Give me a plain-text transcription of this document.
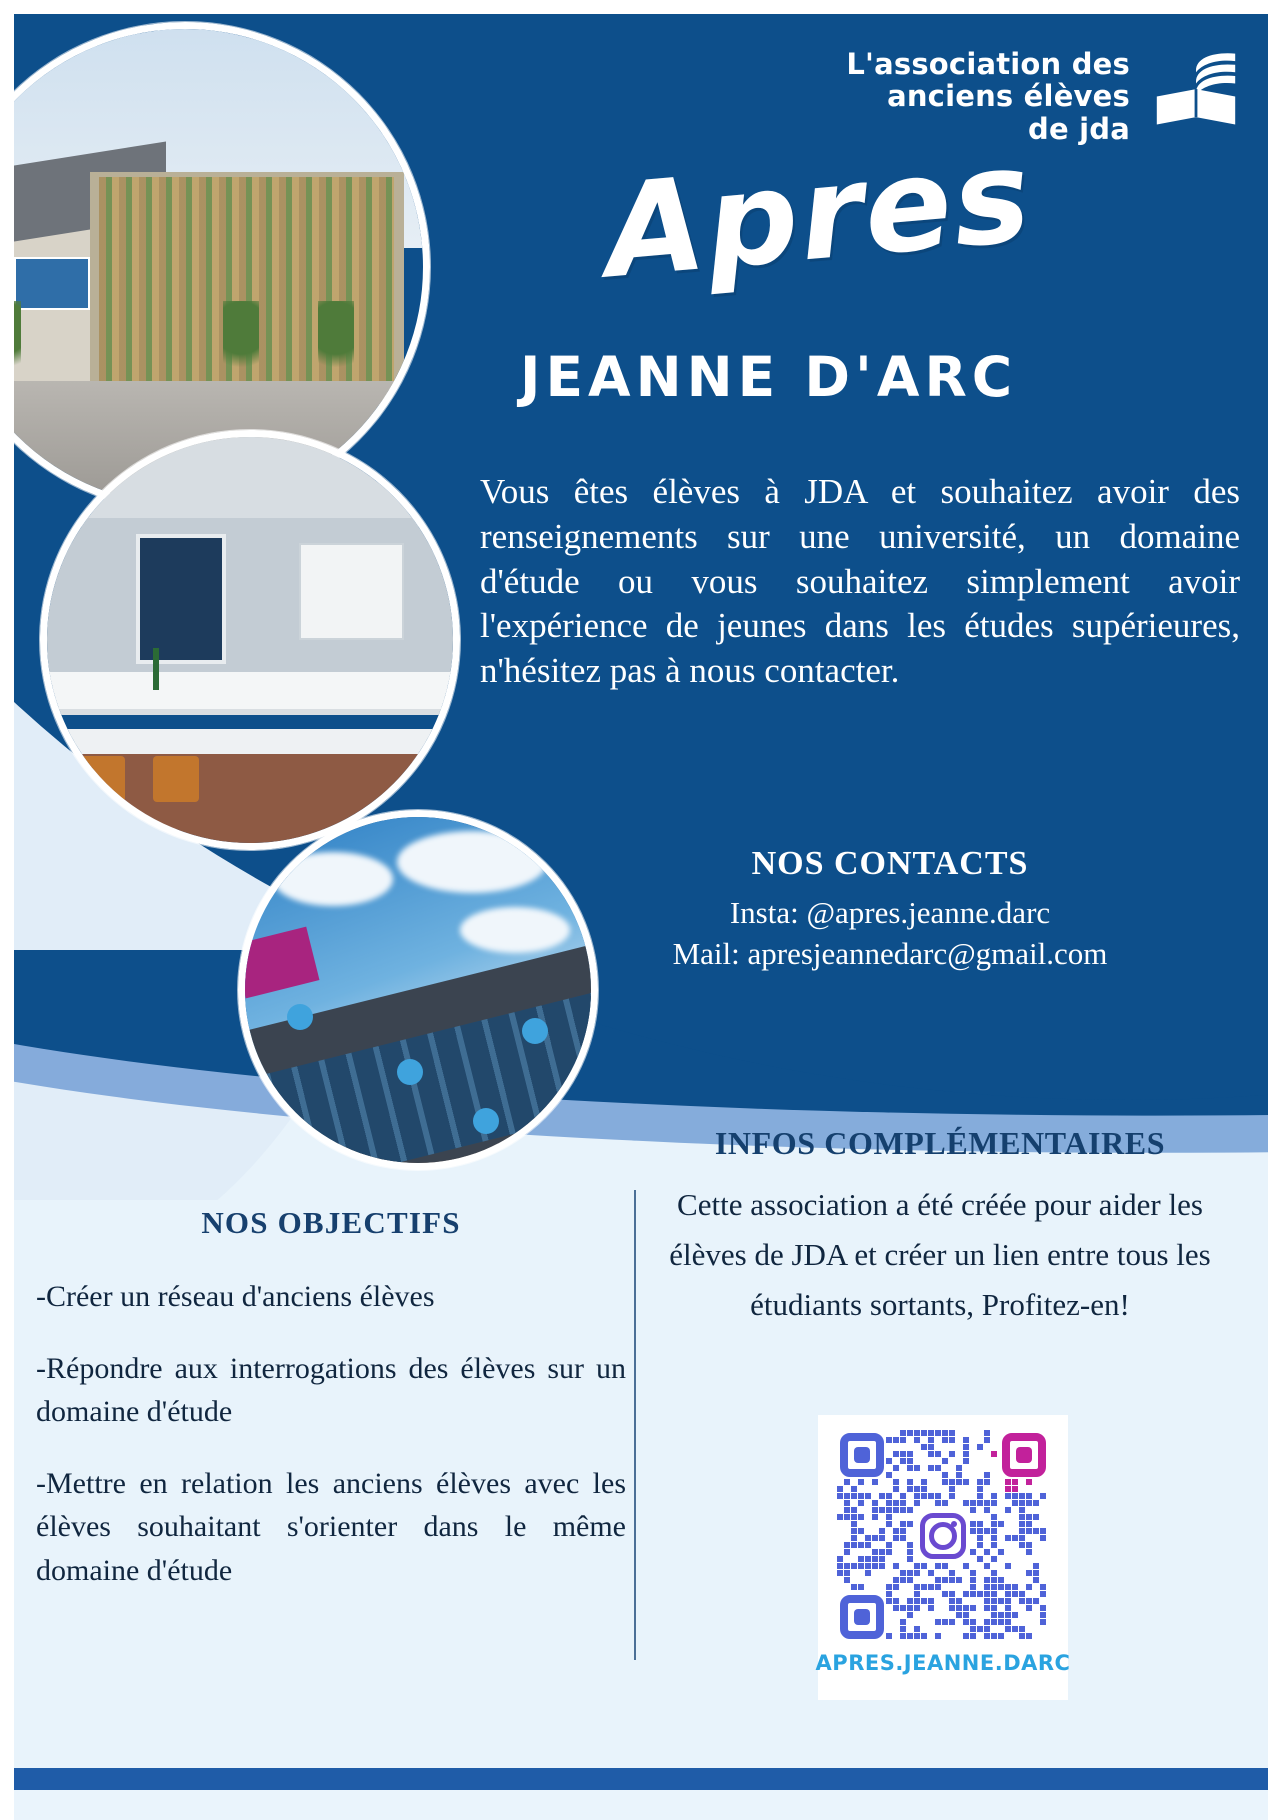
L'association des
anciens élèves
de jda
Apres
JEANNE D'ARC
Vous êtes élèves à JDA et souhaitez avoir des renseignements sur une université, un domaine d'étude ou vous souhaitez simplement avoir l'expérience de jeunes dans les études supérieures, n'hésitez pas à nous contacter.
NOS CONTACTS
Insta: @apres.jeanne.darc
Mail: apresjeannedarc@gmail.com
NOS OBJECTIFS
-Créer un réseau d'anciens élèves
-Répondre aux interrogations des élèves sur un domaine d'étude
-Mettre en relation les anciens élèves avec les élèves souhaitant s'orienter dans le même domaine d'étude
INFOS COMPLÉMENTAIRES
Cette association a été créée pour aider les élèves de JDA et créer un lien entre tous les étudiants sortants, Profitez-en!
APRES.JEANNE.DARC
